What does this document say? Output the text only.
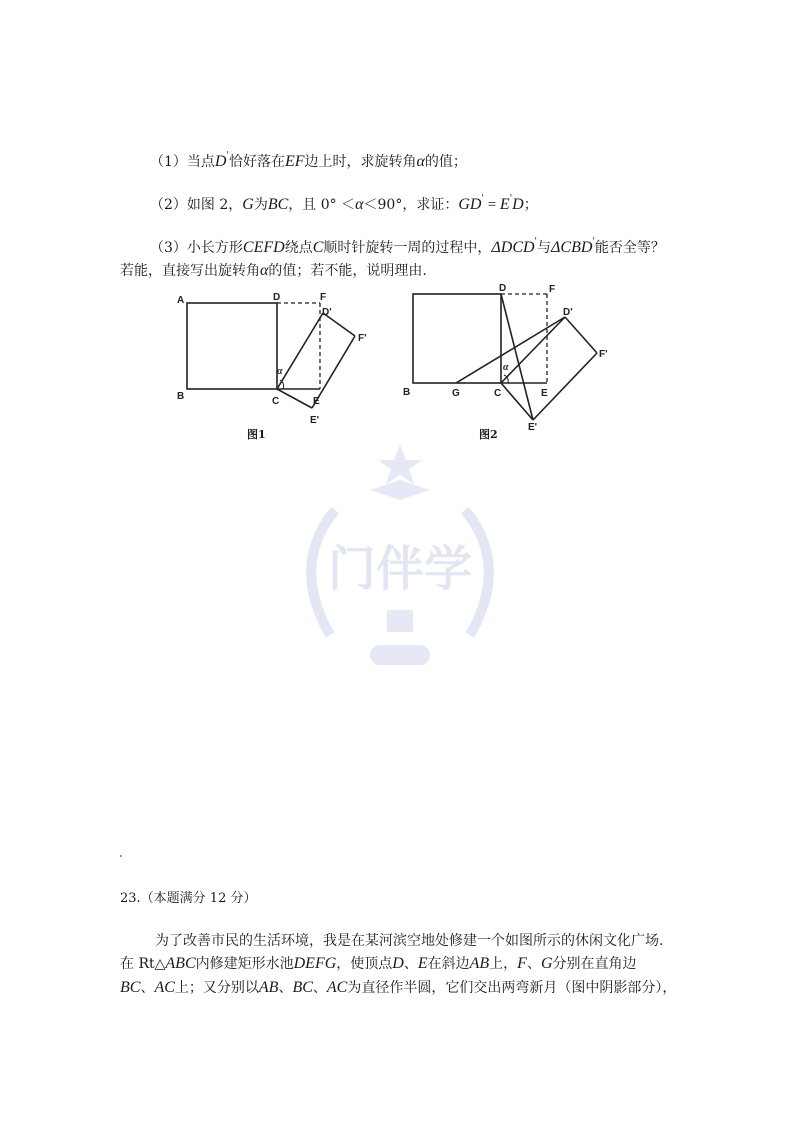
（1）当点D'恰好落在EF边上时，求旋转角α的值；
（2）如图 2，G为BC，且 0° ＜α＜90°，求证：GD' = E'D；
（3）小长方形CEFD绕点C顺时针旋转一周的过程中，ΔDCD'与ΔCBD'能否全等？
若能，直接写出旋转角α的值；若不能，说明理由.
A
B	C
D
E
F
D'
F'
E'
α
图1
B	G	C
D
E
F
D'
F'
E'
α
图2
门伴学
23.（本题满分 12 分）
为了改善市民的生活环境，我是在某河滨空地处修建一个如图所示的休闲文化广场.
在 Rt△ABC内修建矩形水池DEFG，使顶点D、E在斜边AB上，F、G分别在直角边
BC、AC上；又分别以AB、BC、AC为直径作半圆，它们交出两弯新月（图中阴影部分），
